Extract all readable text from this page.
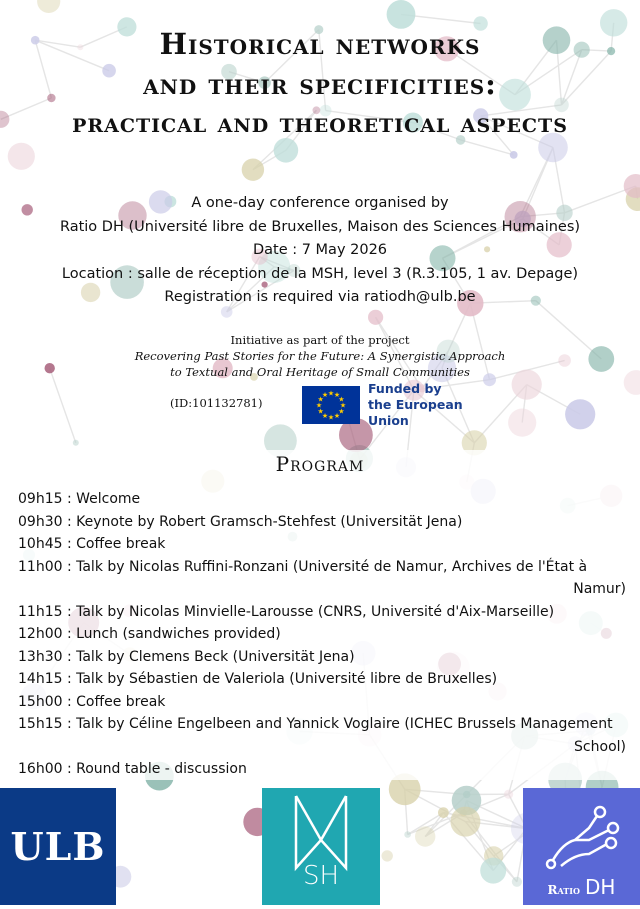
Historical networks
and their specificities:
practical and theoretical aspects
A one-day conference organised by
Ratio DH (Université libre de Bruxelles, Maison des Sciences Humaines)
Date : 7 May 2026
Location : salle de réception de la MSH, level 3 (R.3.105, 1 av. Depage)
Registration is required via ratiodh@ulb.be
Initiative as part of the project
Recovering Past Stories for the Future: A Synergistic Approach
to Textual and Oral Heritage of Small Communities
(ID:101132781)
★ ★
★
★
★
★
★
★
★
★
★
★	Funded by
the European Union
Program
09h15 : Welcome
09h30 : Keynote by Robert Gramsch-Stehfest (Universität Jena)
10h45 : Coffee break
11h00 : Talk by Nicolas Ruffini-Ronzani (Université de Namur, Archives de l'État à
Namur)
11h15 : Talk by Nicolas Minvielle-Larousse (CNRS, Université d'Aix-Marseille)
12h00 : Lunch (sandwiches provided)
13h30 : Talk by Clemens Beck (Universität Jena)
14h15 : Talk by Sébastien de Valeriola (Université libre de Bruxelles)
15h00 : Coffee break
15h15 : Talk by Céline Engelbeen and Yannick Voglaire (ICHEC Brussels Management
School)
16h00 : Round table - discussion
ULB
SH	Ratio DH
